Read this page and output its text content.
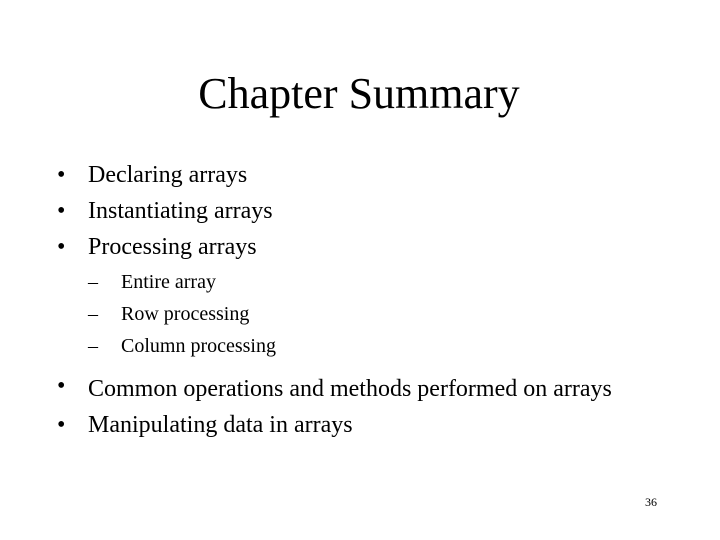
Chapter Summary
• Declaring arrays
• Instantiating arrays
• Processing arrays
– Entire array
– Row processing
– Column processing
• Common operations and methods performed on arrays
• Manipulating data in arrays
36
